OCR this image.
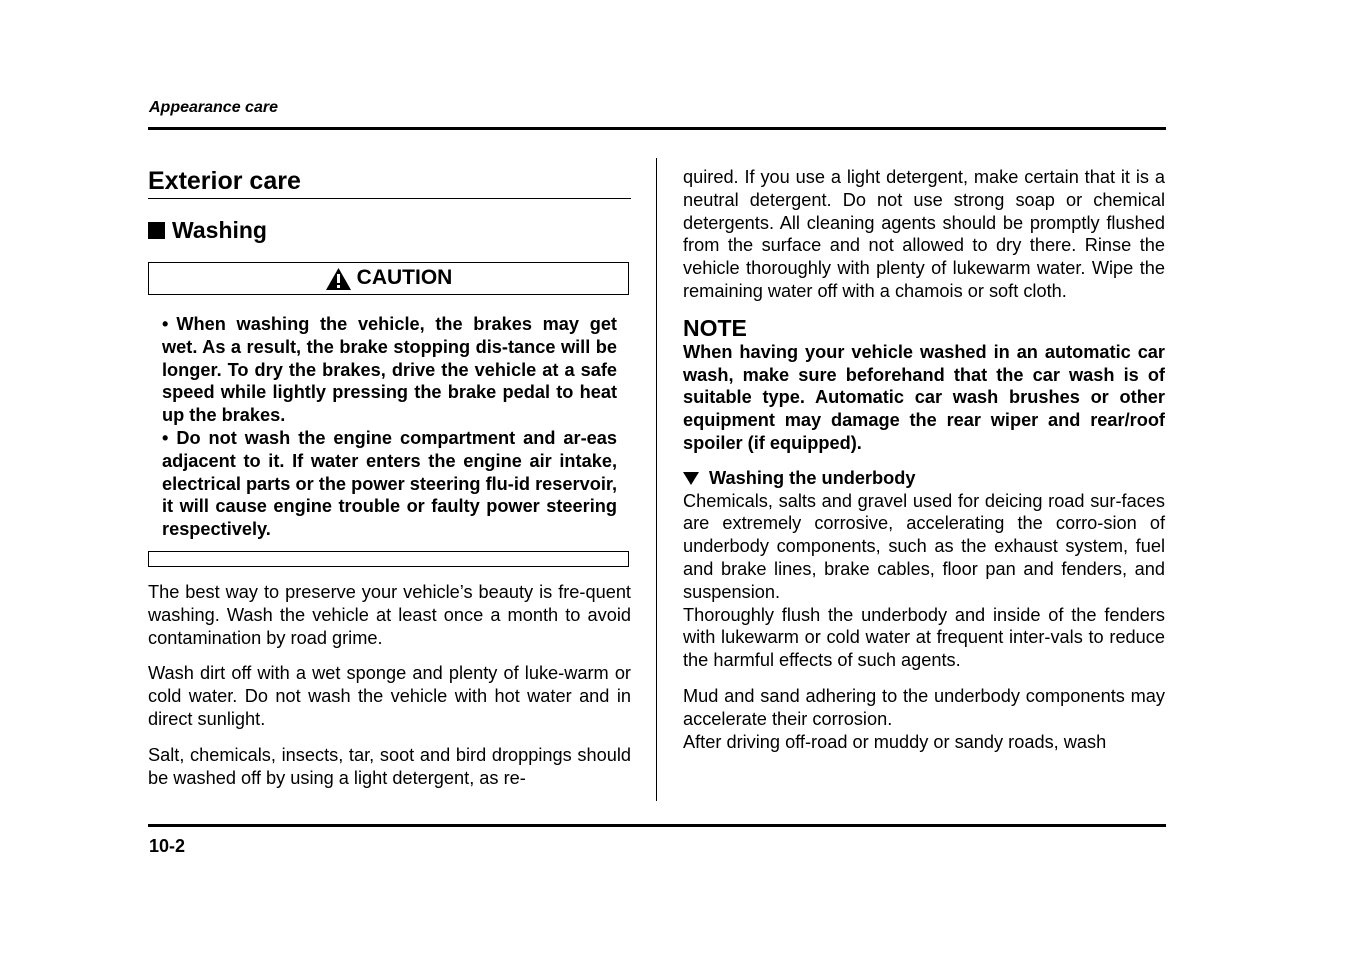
Appearance care
Exterior care
Washing
CAUTION
• When washing the vehicle, the brakes may get wet. As a result, the brake stopping dis-tance will be longer. To dry the brakes, drive the vehicle at a safe speed while lightly pressing the brake pedal to heat up the brakes.
• Do not wash the engine compartment and ar-eas adjacent to it. If water enters the engine air intake, electrical parts or the power steering flu-id reservoir, it will cause engine trouble or faulty power steering respectively.

The best way to preserve your vehicle’s beauty is fre-quent washing. Wash the vehicle at least once a month to avoid contamination by road grime.

Wash dirt off with a wet sponge and plenty of luke-warm or cold water. Do not wash the vehicle with hot water and in direct sunlight.

Salt, chemicals, insects, tar, soot and bird droppings should be washed off by using a light detergent, as re-

quired. If you use a light detergent, make certain that it is a neutral detergent. Do not use strong soap or chemical detergents. All cleaning agents should be promptly flushed from the surface and not allowed to dry there. Rinse the vehicle thoroughly with plenty of lukewarm water. Wipe the remaining water off with a chamois or soft cloth.

NOTE
When having your vehicle washed in an automatic car wash, make sure beforehand that the car wash is of suitable type. Automatic car wash brushes or other equipment may damage the rear wiper and rear/roof spoiler (if equipped).
Washing the underbody

Chemicals, salts and gravel used for deicing road sur-faces are extremely corrosive, accelerating the corro-sion of underbody components, such as the exhaust system, fuel and brake lines, brake cables, floor pan and fenders, and suspension.

Thoroughly flush the underbody and inside of the fenders with lukewarm or cold water at frequent inter-vals to reduce the harmful effects of such agents.

Mud and sand adhering to the underbody components may accelerate their corrosion.

After driving off-road or muddy or sandy roads, wash

10-2
